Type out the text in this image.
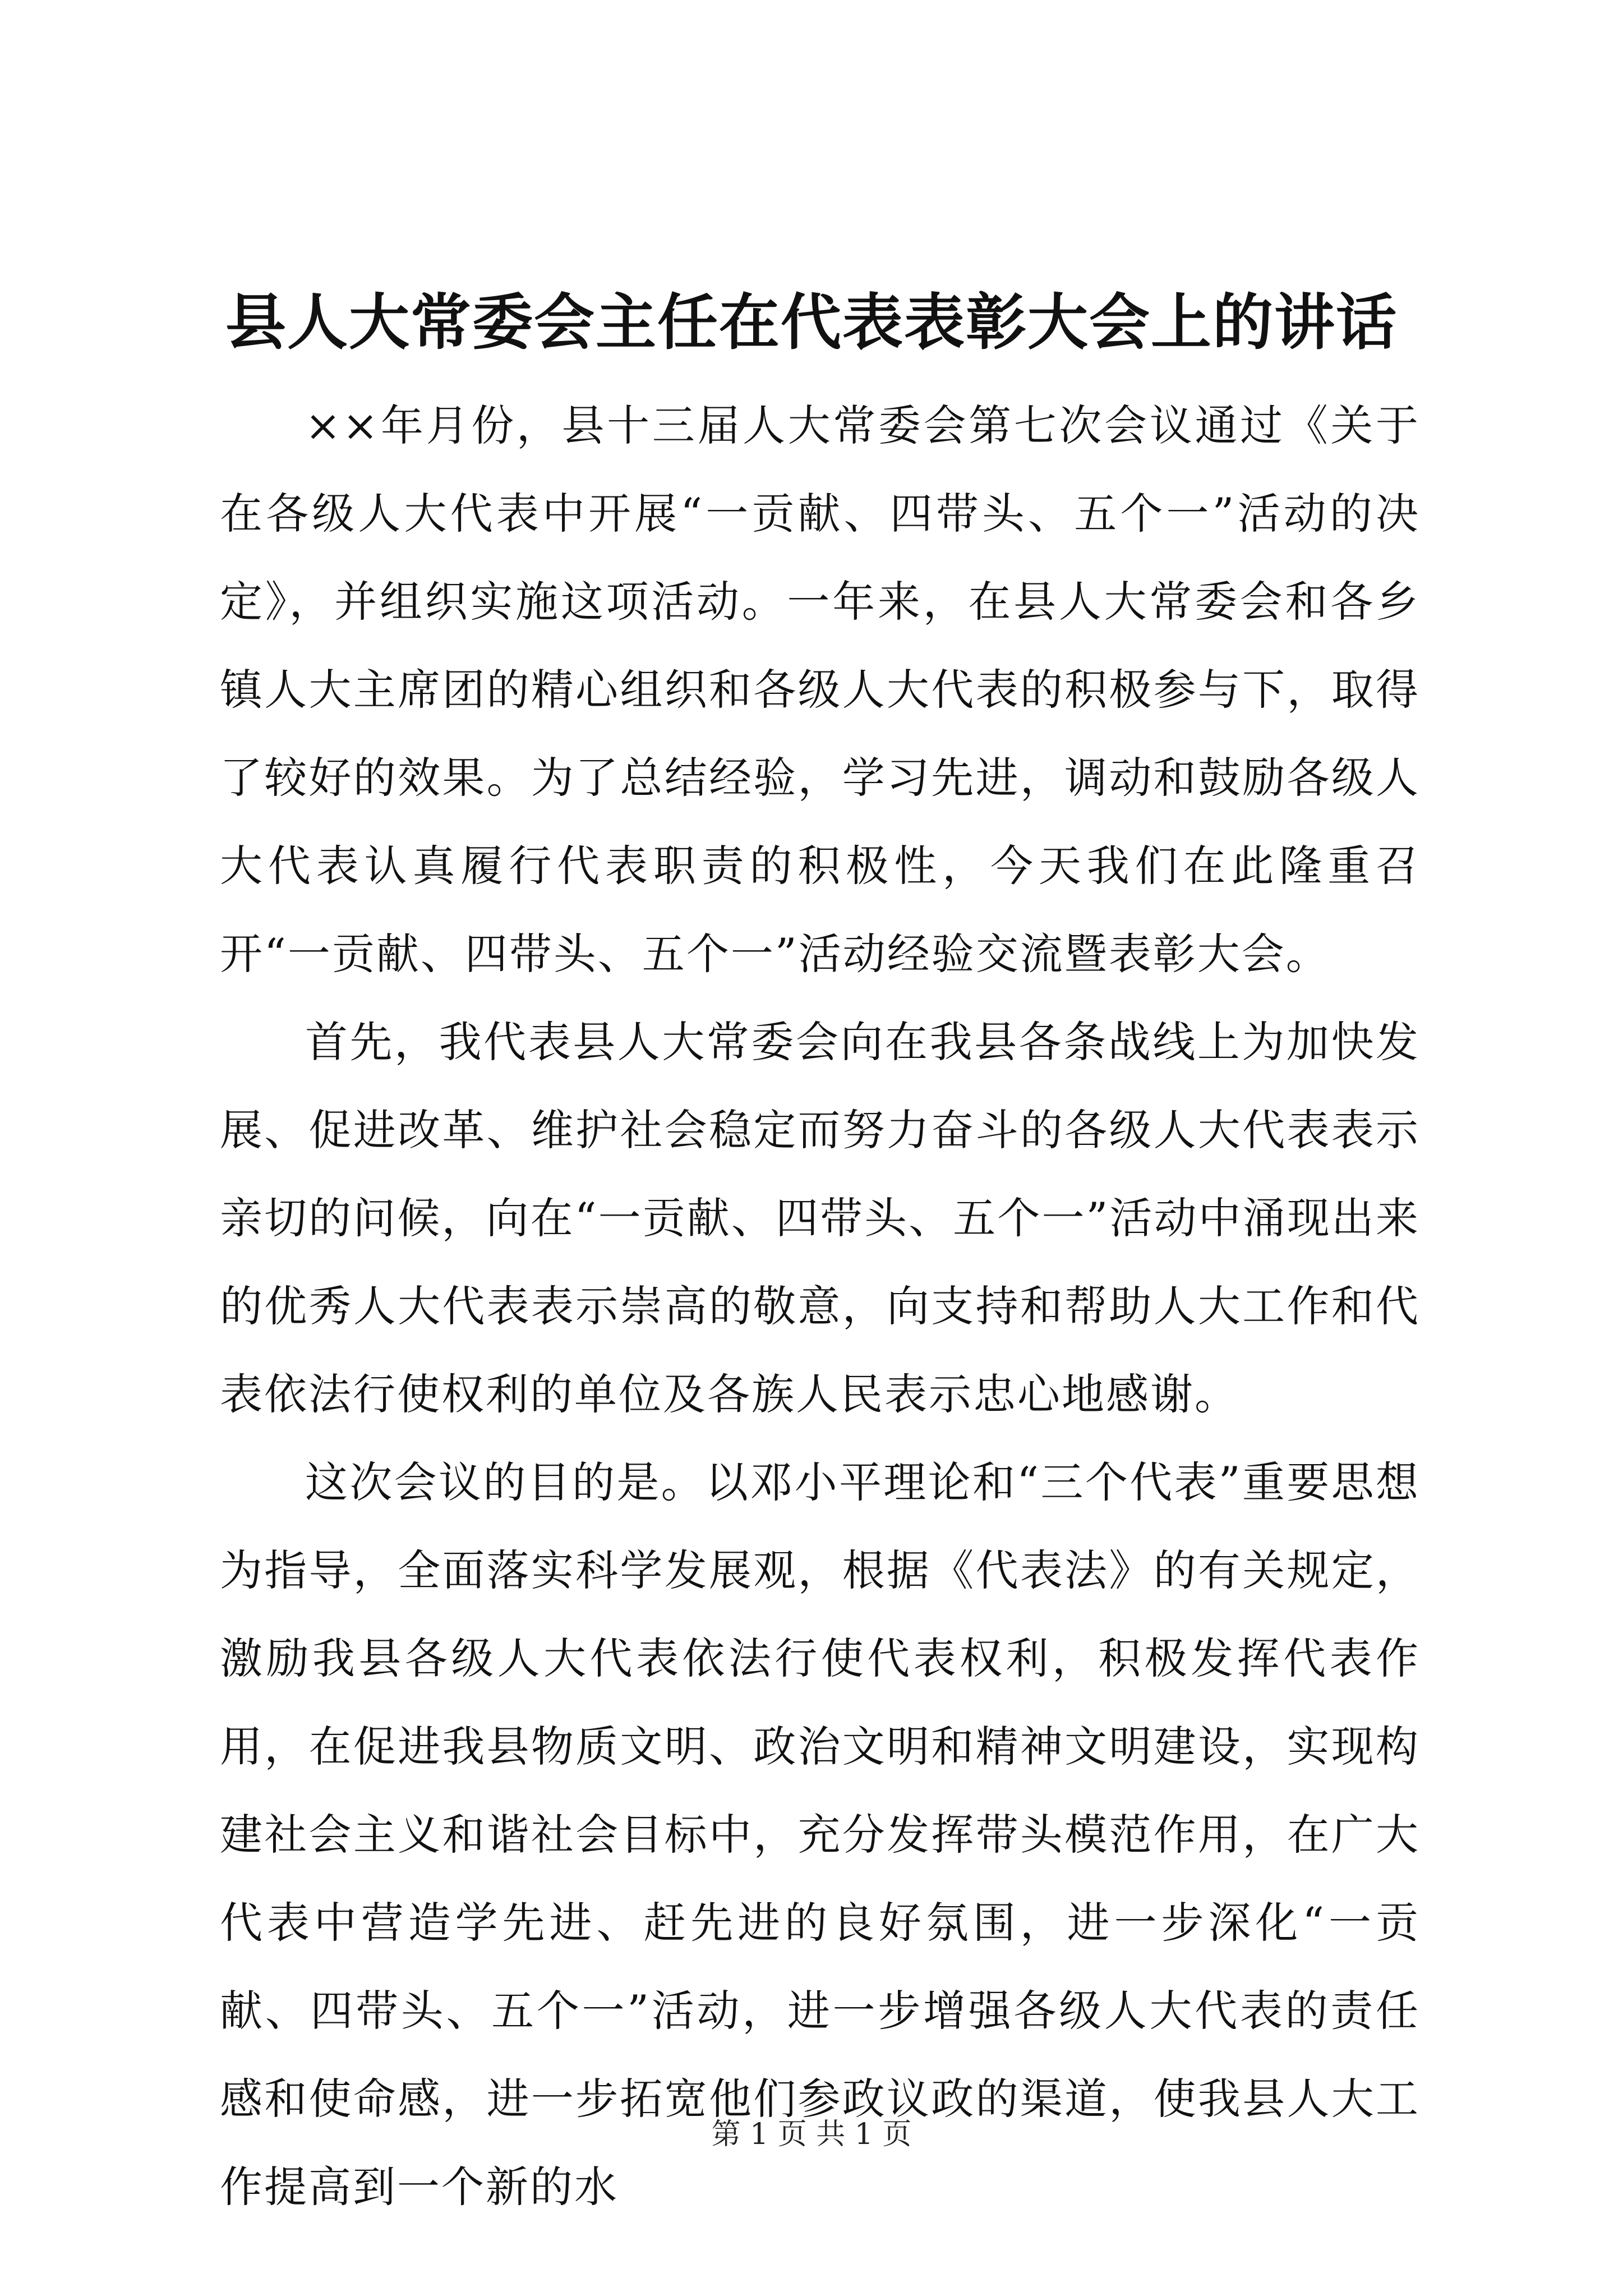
县人大常委会主任在代表表彰大会上的讲话

××年月份，县十三届人大常委会第七次会议通过《关于在各级人大代表中开展“一贡献、四带头、五个一”活动的决定》，并组织实施这项活动。一年来，在县人大常委会和各乡镇人大主席团的精心组织和各级人大代表的积极参与下，取得了较好的效果。为了总结经验，学习先进，调动和鼓励各级人大代表认真履行代表职责的积极性，今天我们在此隆重召开“一贡献、四带头、五个一”活动经验交流暨表彰大会。

首先，我代表县人大常委会向在我县各条战线上为加快发展、促进改革、维护社会稳定而努力奋斗的各级人大代表表示亲切的问候，向在“一贡献、四带头、五个一”活动中涌现出来的优秀人大代表表示崇高的敬意，向支持和帮助人大工作和代表依法行使权利的单位及各族人民表示忠心地感谢。

这次会议的目的是。以邓小平理论和“三个代表”重要思想为指导，全面落实科学发展观，根据《代表法》的有关规定，激励我县各级人大代表依法行使代表权利，积极发挥代表作用，在促进我县物质文明、政治文明和精神文明建设，实现构建社会主义和谐社会目标中，充分发挥带头模范作用，在广大代表中营造学先进、赶先进的良好氛围，进一步深化“一贡献、四带头、五个一”活动，进一步增强各级人大代表的责任感和使命感，进一步拓宽他们参政议政的渠道，使我县人大工作提高到一个新的水

第 1 页 共 1 页
